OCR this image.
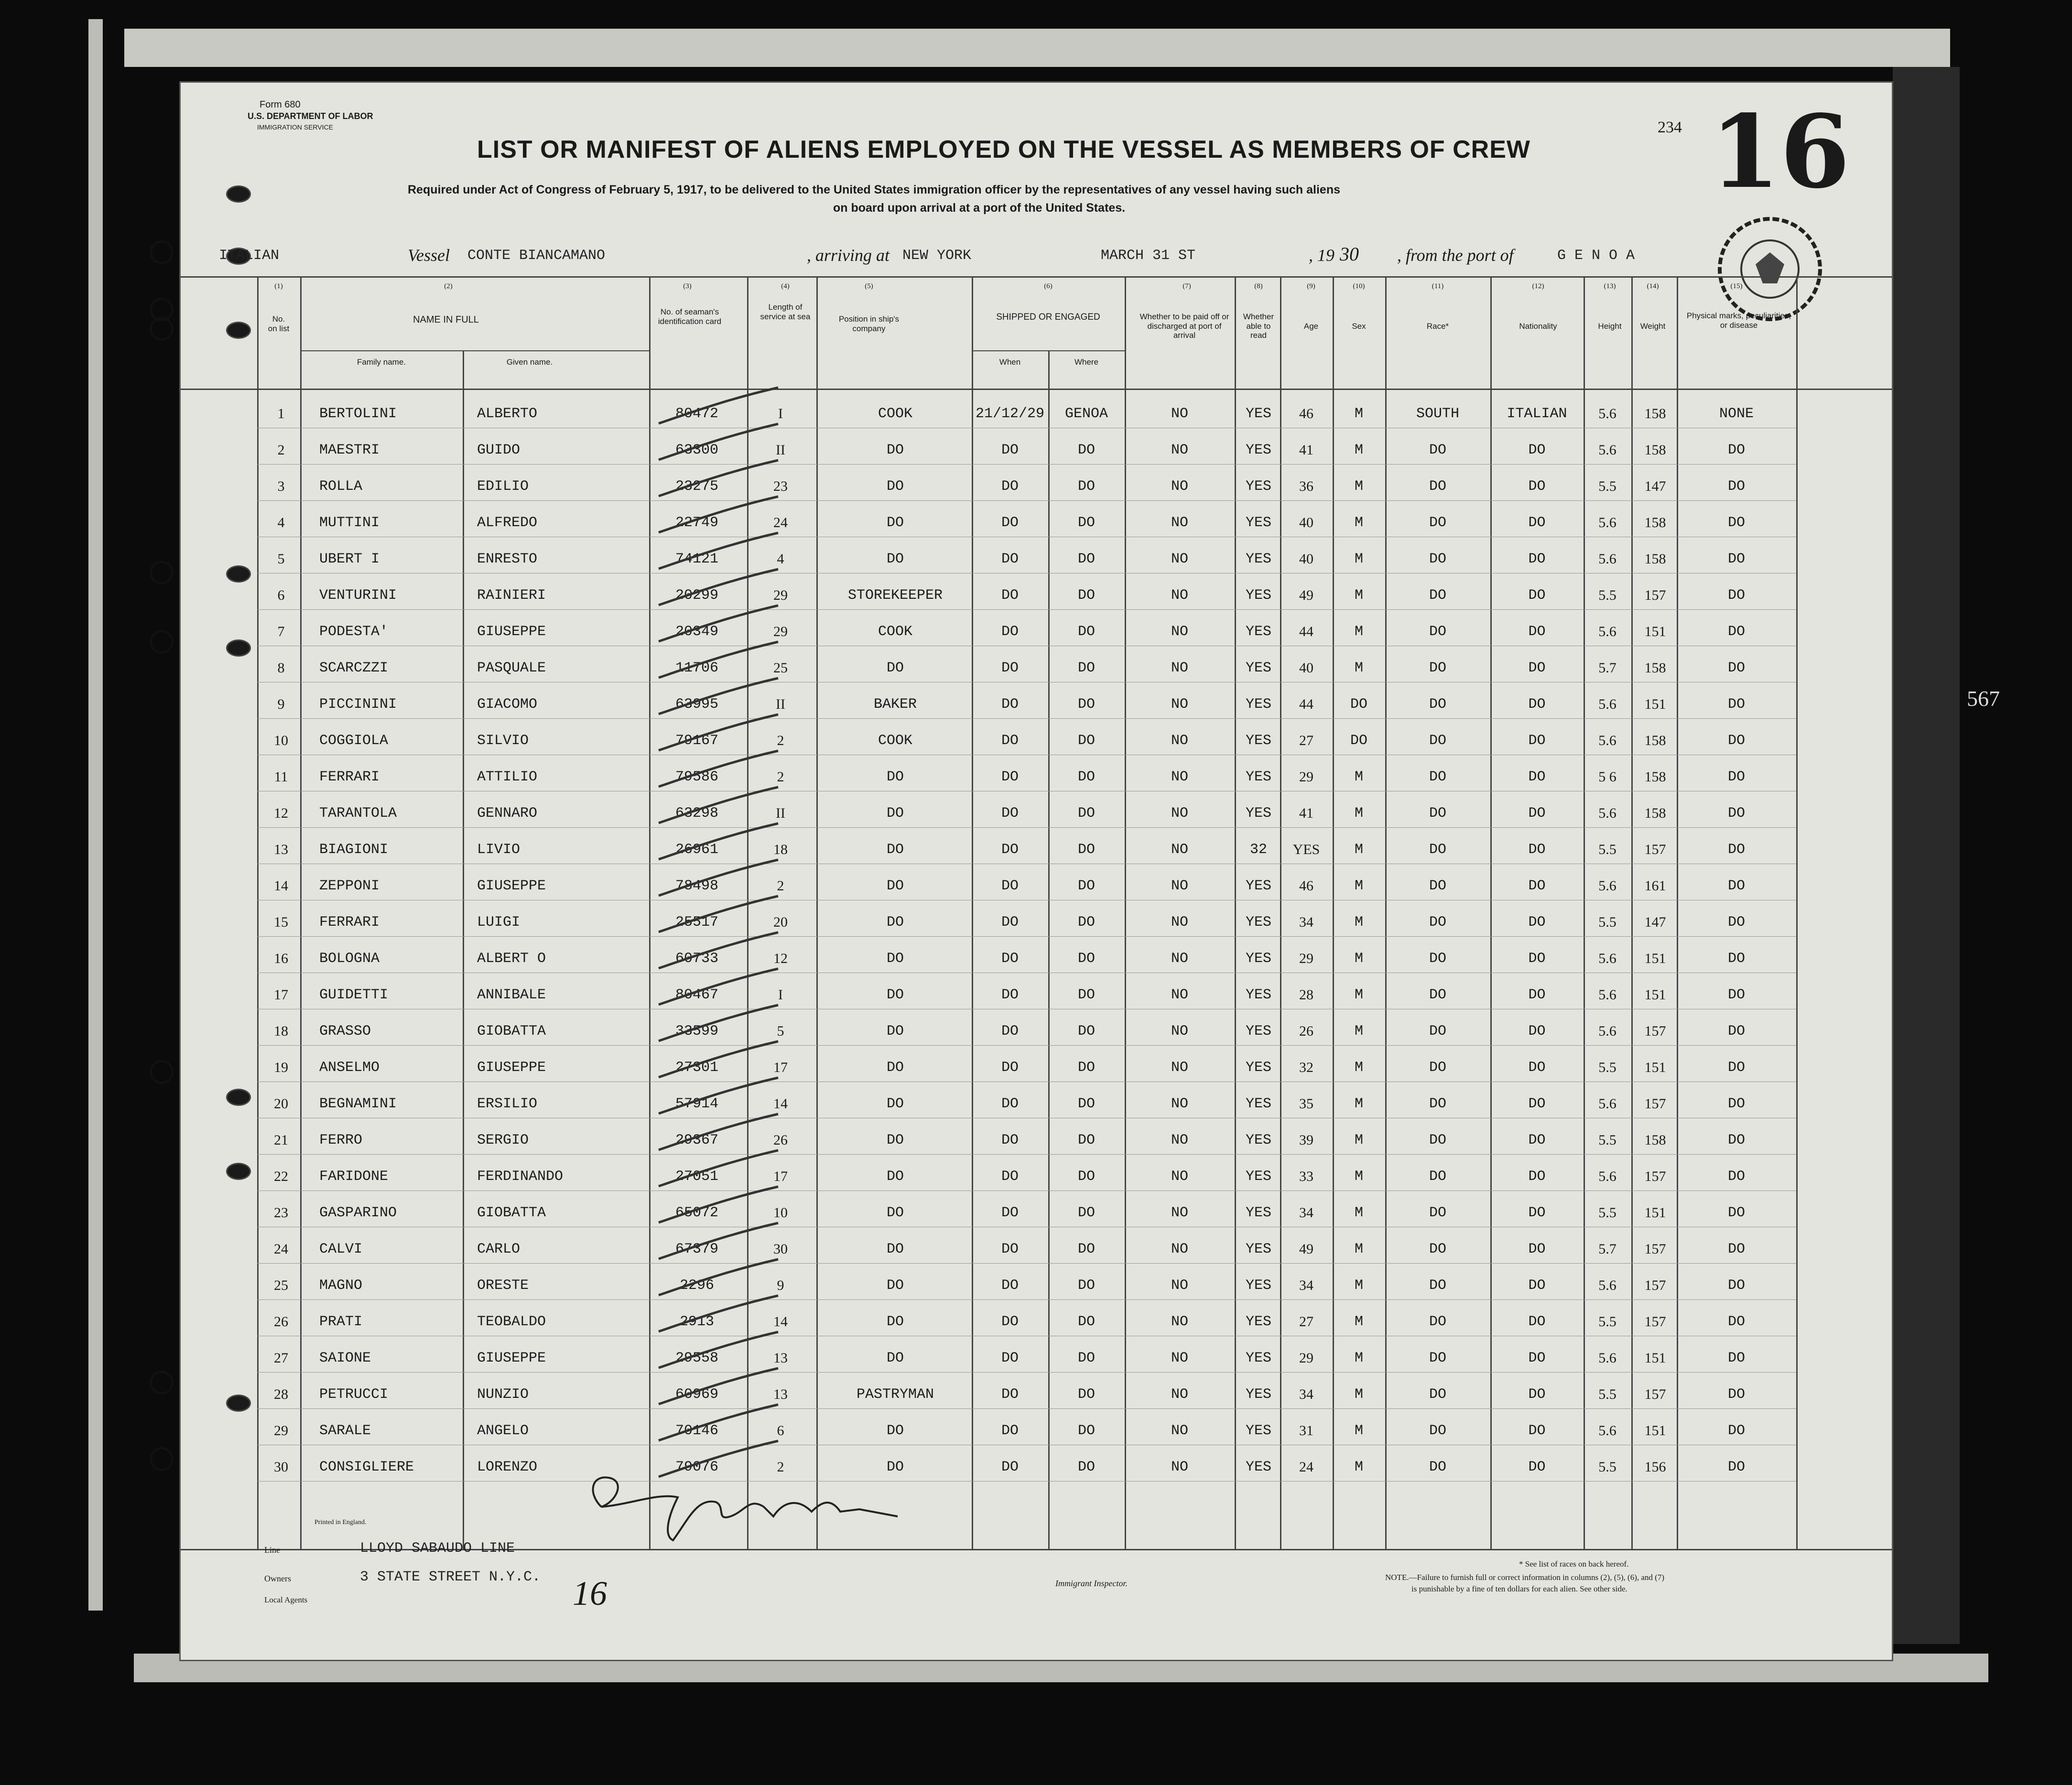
Form 680
U.S. DEPARTMENT OF LABOR
IMMIGRATION SERVICE
LIST OR MANIFEST OF ALIENS EMPLOYED ON THE VESSEL AS MEMBERS OF CREW
Required under Act of Congress of February 5, 1917, to be delivered to the United States immigration officer by the representatives of any vessel having such aliens
on board upon arrival at a port of the United States.
234 16
ITALIAN	Vessel CONTE BIANCAMANO	, arriving at NEW YORK	MARCH 31 ST	, 19 30 , from the port of	G E N O A
(1)
No. on list
(2)
NAME IN FULL
Family name.	Given name.
(3)
No. of seaman's identification card
(4)
Length of service at sea
(5)
Position in ship's company
(6)
SHIPPED OR ENGAGED
When	Where
(7)
Whether to be paid off or discharged at port of arrival
(8)
Whether able to read
(9)
Age
(10)
Sex
(11)
Race*
(12)
Nationality
(13)
Height
(14)
Weight
(15)
Physical marks, peculiarities, or disease
1	BERTOLINI	ALBERTO	80472	I	COOK	21/12/29	GENOA	NO	YES	46	M	SOUTH	ITALIAN	5.6	158	NONE
2	MAESTRI	GUIDO	63300	II	DO	DO	DO	NO	YES	41	M	DO	DO	5.6	158	DO
3	ROLLA	EDILIO	23275	23	DO	DO	DO	NO	YES	36	M	DO	DO	5.5	147	DO
4	MUTTINI	ALFREDO	22749	24	DO	DO	DO	NO	YES	40	M	DO	DO	5.6	158	DO
5	UBERT I	ENRESTO	74121	4	DO	DO	DO	NO	YES	40	M	DO	DO	5.6	158	DO
6	VENTURINI	RAINIERI	20299	29	STOREKEEPER	DO	DO	NO	YES	49	M	DO	DO	5.5	157	DO
7	PODESTA'	GIUSEPPE	20349	29	COOK	DO	DO	NO	YES	44	M	DO	DO	5.6	151	DO
8	SCARCZZI	PASQUALE	11706	25	DO	DO	DO	NO	YES	40	M	DO	DO	5.7	158	DO
9	PICCININI	GIACOMO	63995	II	BAKER	DO	DO	NO	YES	44	DO	DO	DO	5.6	151	DO
10	COGGIOLA	SILVIO	79167	2	COOK	DO	DO	NO	YES	27	DO	DO	DO	5.6	158	DO
11	FERRARI	ATTILIO	79586	2	DO	DO	DO	NO	YES	29	M	DO	DO	5 6	158	DO
12	TARANTOLA	GENNARO	63298	II	DO	DO	DO	NO	YES	41	M	DO	DO	5.6	158	DO
13	BIAGIONI	LIVIO	26961	18	DO	DO	DO	NO	32	YES	M	DO	DO	5.5	157	DO
14	ZEPPONI	GIUSEPPE	78498	2	DO	DO	DO	NO	YES	46	M	DO	DO	5.6	161	DO
15	FERRARI	LUIGI	25517	20	DO	DO	DO	NO	YES	34	M	DO	DO	5.5	147	DO
16	BOLOGNA	ALBERT O	60733	12	DO	DO	DO	NO	YES	29	M	DO	DO	5.6	151	DO
17	GUIDETTI	ANNIBALE	80467	I	DO	DO	DO	NO	YES	28	M	DO	DO	5.6	151	DO
18	GRASSO	GIOBATTA	33599	5	DO	DO	DO	NO	YES	26	M	DO	DO	5.6	157	DO
19	ANSELMO	GIUSEPPE	27301	17	DO	DO	DO	NO	YES	32	M	DO	DO	5.5	151	DO
20	BEGNAMINI	ERSILIO	57914	14	DO	DO	DO	NO	YES	35	M	DO	DO	5.6	157	DO
21	FERRO	SERGIO	29367	26	DO	DO	DO	NO	YES	39	M	DO	DO	5.5	158	DO
22	FARIDONE	FERDINANDO	27051	17	DO	DO	DO	NO	YES	33	M	DO	DO	5.6	157	DO
23	GASPARINO	GIOBATTA	65072	10	DO	DO	DO	NO	YES	34	M	DO	DO	5.5	151	DO
24	CALVI	CARLO	67379	30	DO	DO	DO	NO	YES	49	M	DO	DO	5.7	157	DO
25	MAGNO	ORESTE	2296	9	DO	DO	DO	NO	YES	34	M	DO	DO	5.6	157	DO
26	PRATI	TEOBALDO	2913	14	DO	DO	DO	NO	YES	27	M	DO	DO	5.5	157	DO
27	SAIONE	GIUSEPPE	29558	13	DO	DO	DO	NO	YES	29	M	DO	DO	5.6	151	DO
28	PETRUCCI	NUNZIO	60969	13	PASTRYMAN	DO	DO	NO	YES	34	M	DO	DO	5.5	157	DO
29	SARALE	ANGELO	70146	6	DO	DO	DO	NO	YES	31	M	DO	DO	5.6	151	DO
30	CONSIGLIERE	LORENZO	79076	2	DO	DO	DO	NO	YES	24	M	DO	DO	5.5	156	DO
Printed in England.
Line	LLOYD SABAUDO LINE
Owners	3 STATE STREET N.Y.C.
Local Agents	16	Immigrant Inspector.
* See list of races on back hereof.
NOTE.—Failure to furnish full or correct information in columns (2), (5), (6), and (7)
is punishable by a fine of ten dollars for each alien. See other side.
567
